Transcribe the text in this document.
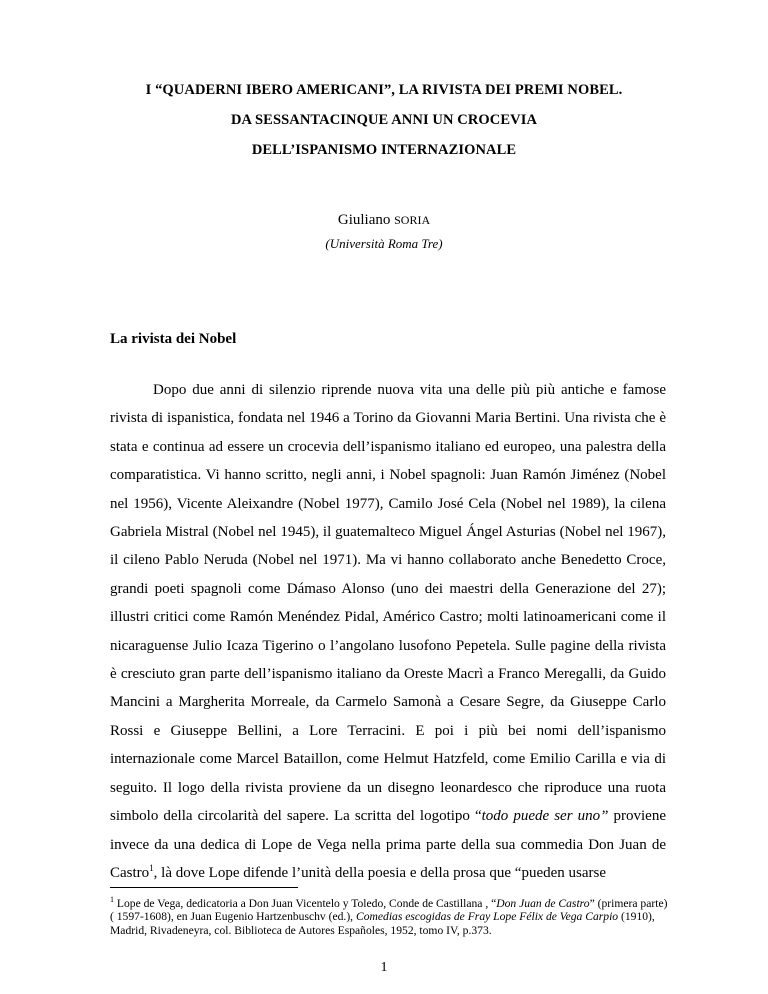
I “QUADERNI IBERO AMERICANI”, LA RIVISTA DEI PREMI NOBEL.
DA SESSANTACINQUE ANNI UN CROCEVIA
DELL’ISPANISMO INTERNAZIONALE
Giuliano SORIA
(Università Roma Tre)
La rivista dei Nobel

Dopo due anni di silenzio riprende nuova vita una delle più più antiche e famose rivista di ispanistica, fondata nel 1946 a Torino da Giovanni Maria Bertini. Una rivista che è stata e continua ad essere un crocevia dell’ispanismo italiano ed europeo, una palestra della comparatistica. Vi hanno scritto, negli anni, i Nobel spagnoli: Juan Ramón Jiménez (Nobel nel 1956), Vicente Aleixandre (Nobel 1977), Camilo José Cela (Nobel nel 1989), la cilena Gabriela Mistral (Nobel nel 1945), il guatemalteco Miguel Ángel Asturias (Nobel nel 1967), il cileno Pablo Neruda (Nobel nel 1971). Ma vi hanno collaborato anche Benedetto Croce, grandi poeti spagnoli come Dámaso Alonso (uno dei maestri della Generazione del 27); illustri critici come Ramón Menéndez Pidal, Américo Castro; molti latinoamericani come il nicaraguense Julio Icaza Tigerino o l’angolano lusofono Pepetela. Sulle pagine della rivista è cresciuto gran parte dell’ispanismo italiano da Oreste Macrì a Franco Meregalli, da Guido Mancini a Margherita Morreale, da Carmelo Samonà a Cesare Segre, da Giuseppe Carlo Rossi e Giuseppe Bellini, a Lore Terracini. E poi i più bei nomi dell’ispanismo internazionale come Marcel Bataillon, come Helmut Hatzfeld, come Emilio Carilla e via di seguito. Il logo della rivista proviene da un disegno leonardesco che riproduce una ruota simbolo della circolarità del sapere. La scritta del logotipo “todo puede ser uno” proviene invece da una dedica di Lope de Vega nella prima parte della sua commedia Don Juan de Castro$^1$, là dove Lope difende l’unità della poesia e della prosa que “pueden usarse

$^1$ Lope de Vega, dedicatoria a Don Juan Vicentelo y Toledo, Conde de Castillana , “Don Juan de Castro” (primera parte) ( 1597-1608), en Juan Eugenio Hartzenbuschv (ed.), Comedias escogidas de Fray Lope Félix de Vega Carpio (1910), Madrid, Rivadeneyra, col. Biblioteca de Autores Españoles, 1952, tomo IV, p.373.

1
